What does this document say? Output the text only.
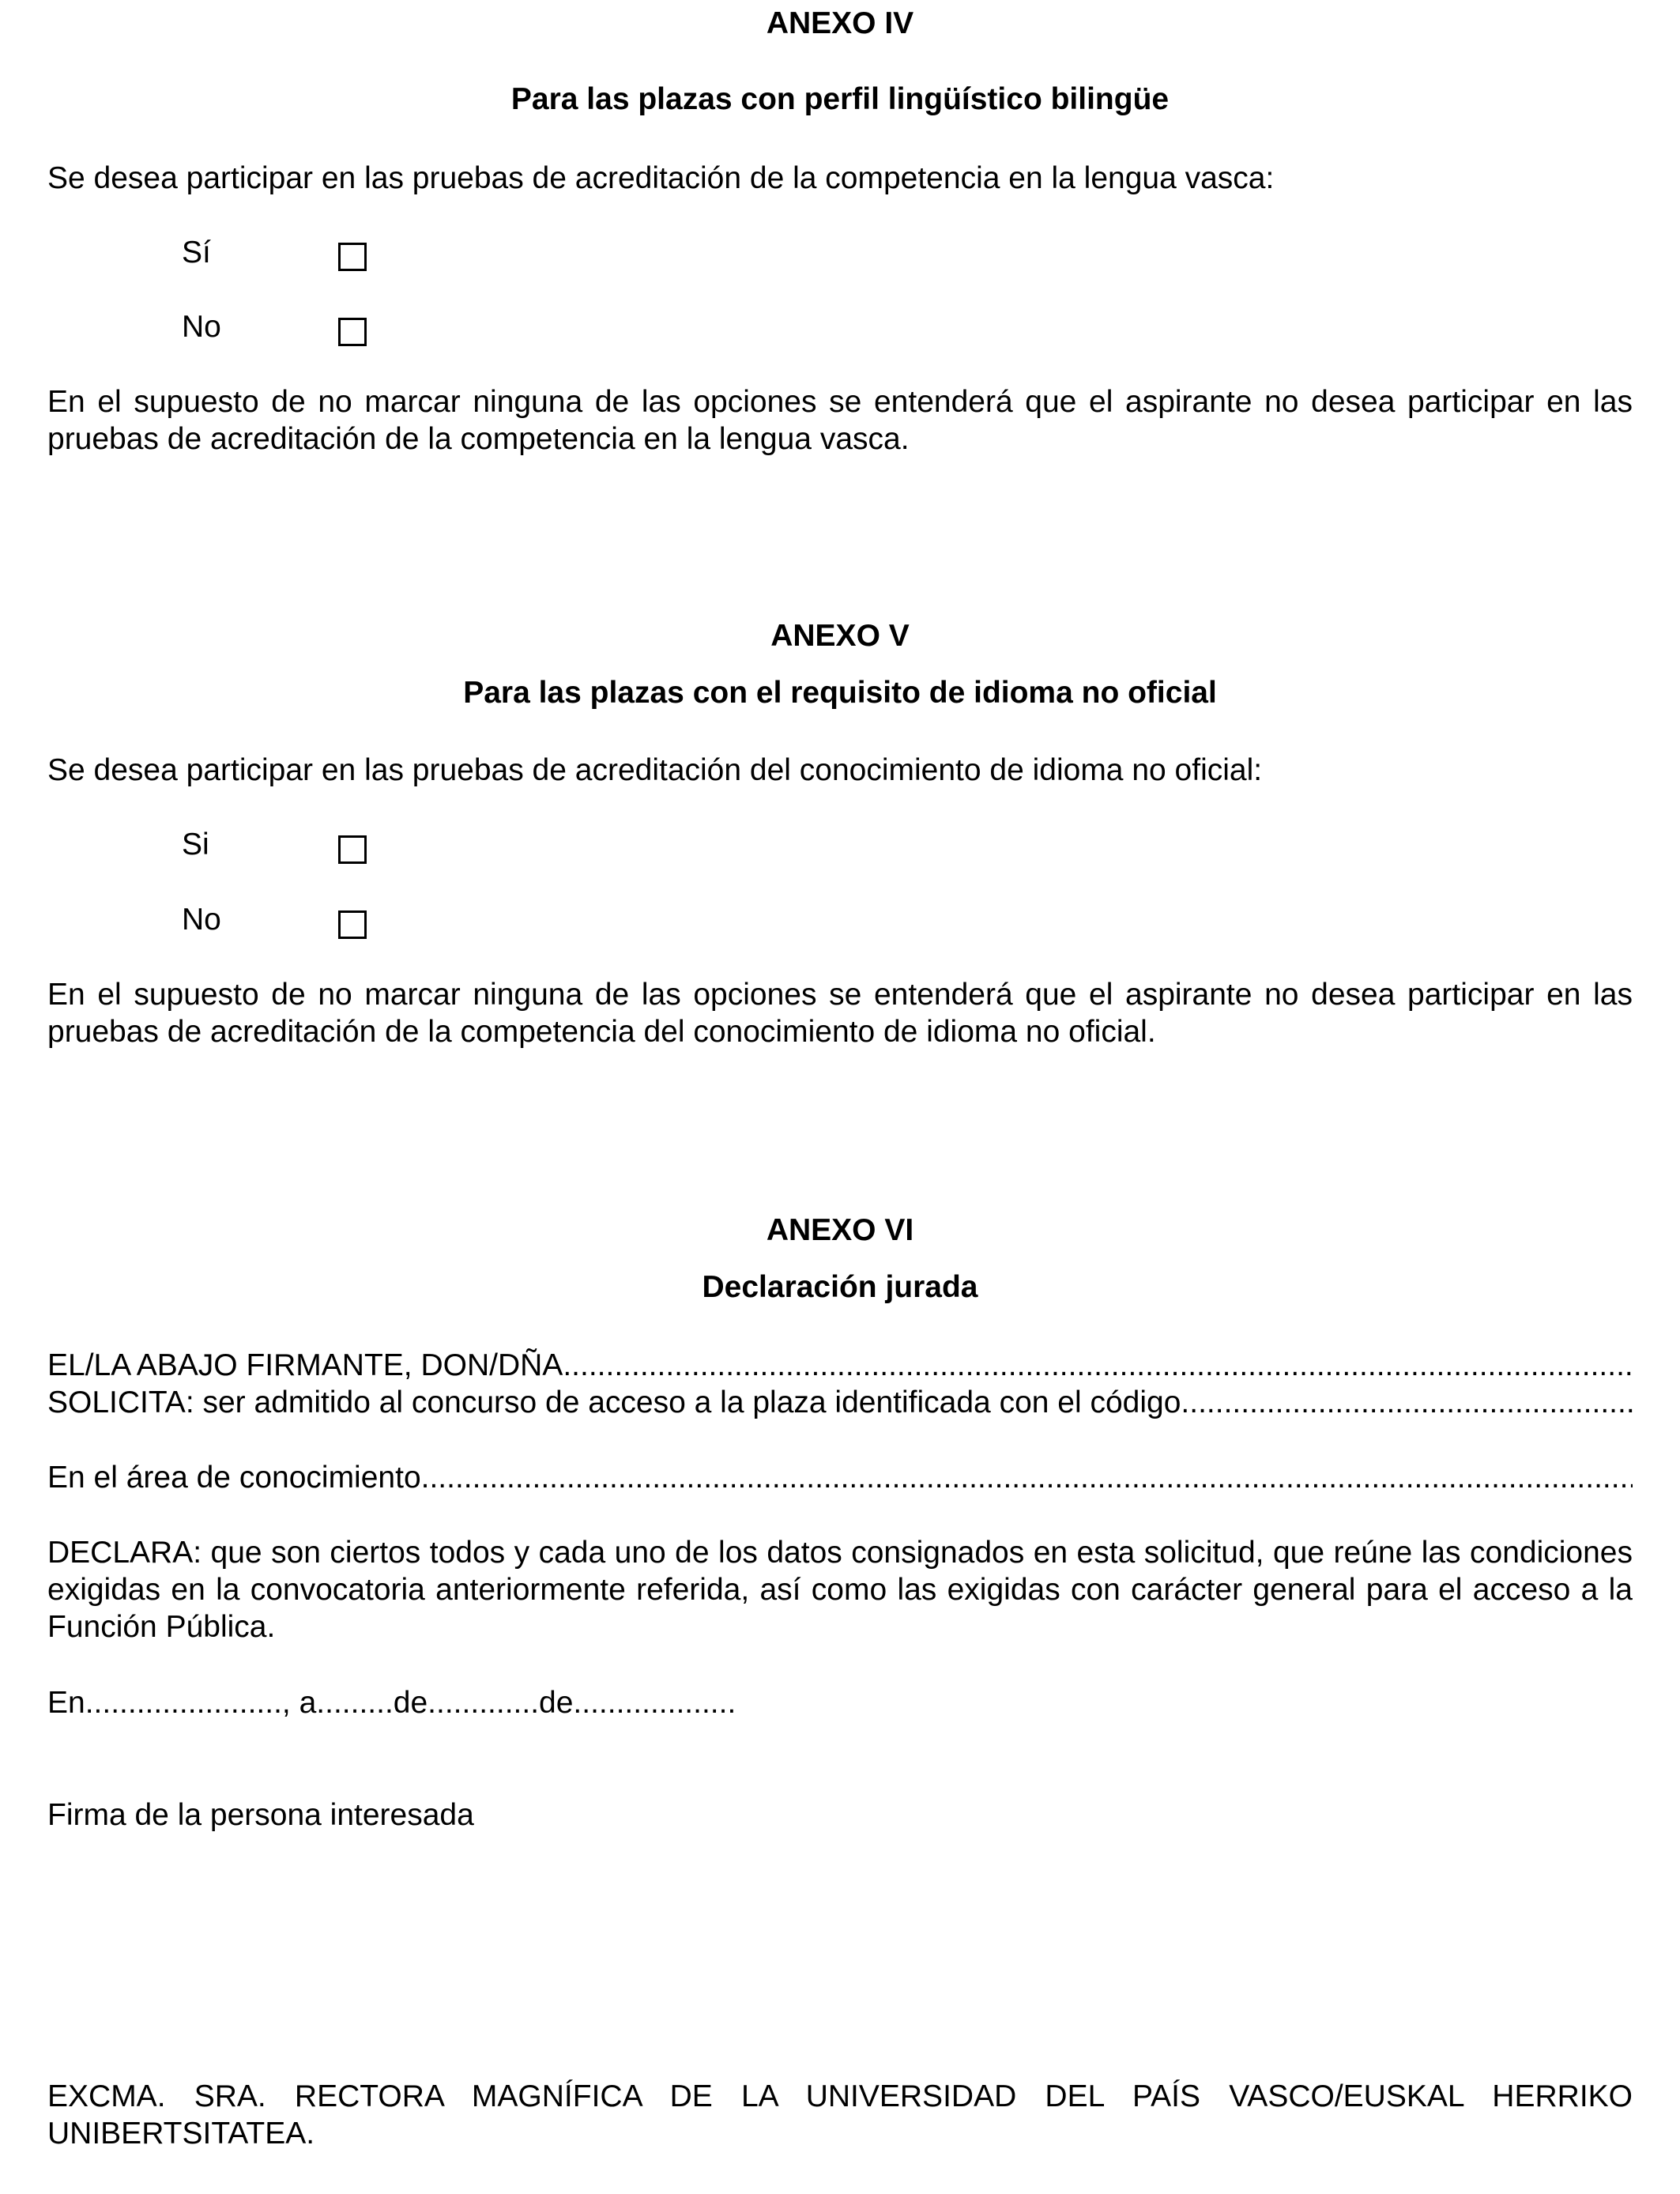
ANEXO IV
Para las plazas con perfil lingüístico bilingüe
Se desea participar en las pruebas de acreditación de la competencia en la lengua vasca:
Sí
No
En el supuesto de no marcar ninguna de las opciones se entenderá que el aspirante no desea participar en las pruebas de acreditación de la competencia en la lengua vasca.
ANEXO V
Para las plazas con el requisito de idioma no oficial
Se desea participar en las pruebas de acreditación del conocimiento de idioma no oficial:
Si
No
En el supuesto de no marcar ninguna de las opciones se entenderá que el aspirante no desea participar en las pruebas de acreditación de la competencia del conocimiento de idioma no oficial.
ANEXO VI
Declaración jurada
EL/LA ABAJO FIRMANTE, DON/DÑA.
.....
SOLICITA: ser admitido al concurso de acceso a la plaza identificada con el código.
.....
En el área de conocimiento.
.....
DECLARA: que son ciertos todos y cada uno de los datos consignados en esta solicitud, que reúne las condiciones exigidas en la convocatoria anteriormente referida, así como las exigidas con carácter general para el acceso a la Función Pública.
En......................., a.........de.............de...................
Firma de la persona interesada
EXCMA. SRA. RECTORA MAGNÍFICA DE LA UNIVERSIDAD DEL PAÍS VASCO/EUSKAL HERRIKO UNIBERTSITATEA.
